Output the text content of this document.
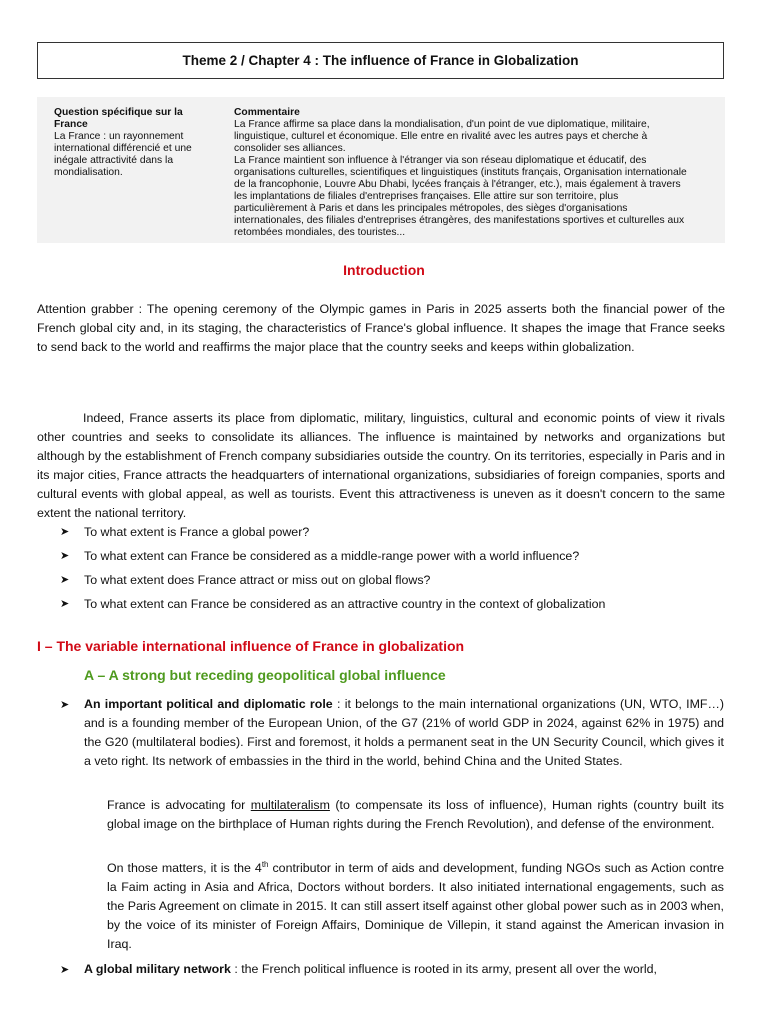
Theme 2 / Chapter 4 : The influence of France in Globalization
Question spécifique sur la France
La France : un rayonnement international différencié et une inégale attractivité dans la mondialisation.
Commentaire
La France affirme sa place dans la mondialisation, d'un point de vue diplomatique, militaire, linguistique, culturel et économique. Elle entre en rivalité avec les autres pays et cherche à consolider ses alliances.
La France maintient son influence à l'étranger via son réseau diplomatique et éducatif, des organisations culturelles, scientifiques et linguistiques (instituts français, Organisation internationale de la francophonie, Louvre Abu Dhabi, lycées français à l'étranger, etc.), mais également à travers les implantations de filiales d'entreprises françaises. Elle attire sur son territoire, plus particulièrement à Paris et dans les principales métropoles, des sièges d'organisations internationales, des filiales d'entreprises étrangères, des manifestations sportives et culturelles aux retombées mondiales, des touristes...
Introduction

Attention grabber : The opening ceremony of the Olympic games in Paris in 2025 asserts both the financial power of the French global city and, in its staging, the characteristics of France's global influence. It shapes the image that France seeks to send back to the world and reaffirms the major place that the country seeks and keeps within globalization.

Indeed, France asserts its place from diplomatic, military, linguistics, cultural and economic points of view it rivals other countries and seeks to consolidate its alliances. The influence is maintained by networks and organizations but although by the establishment of French company subsidiaries outside the country. On its territories, especially in Paris and in its major cities, France attracts the headquarters of international organizations, subsidiaries of foreign companies, sports and cultural events with global appeal, as well as tourists. Event this attractiveness is uneven as it doesn't concern to the same extent the national territory.

➤ To what extent is France a global power?
➤ To what extent can France be considered as a middle-range power with a world influence?
➤ To what extent does France attract or miss out on global flows?
➤ To what extent can France be considered as an attractive country in the context of globalization
I – The variable international influence of France in globalization
A – A strong but receding geopolitical global influence
➤ An important political and diplomatic role : it belongs to the main international organizations (UN, WTO, IMF…) and is a founding member of the European Union, of the G7 (21% of world GDP in 2024, against 62% in 1975) and the G20 (multilateral bodies). First and foremost, it holds a permanent seat in the UN Security Council, which gives it a veto right. Its network of embassies in the third in the world, behind China and the United States.

France is advocating for multilateralism (to compensate its loss of influence), Human rights (country built its global image on the birthplace of Human rights during the French Revolution), and defense of the environment.

On those matters, it is the 4th contributor in term of aids and development, funding NGOs such as Action contre la Faim acting in Asia and Africa, Doctors without borders. It also initiated international engagements, such as the Paris Agreement on climate in 2015. It can still assert itself against other global power such as in 2003 when, by the voice of its minister of Foreign Affairs, Dominique de Villepin, it stand against the American invasion in Iraq.

➤ A global military network : the French political influence is rooted in its army, present all over the world,
